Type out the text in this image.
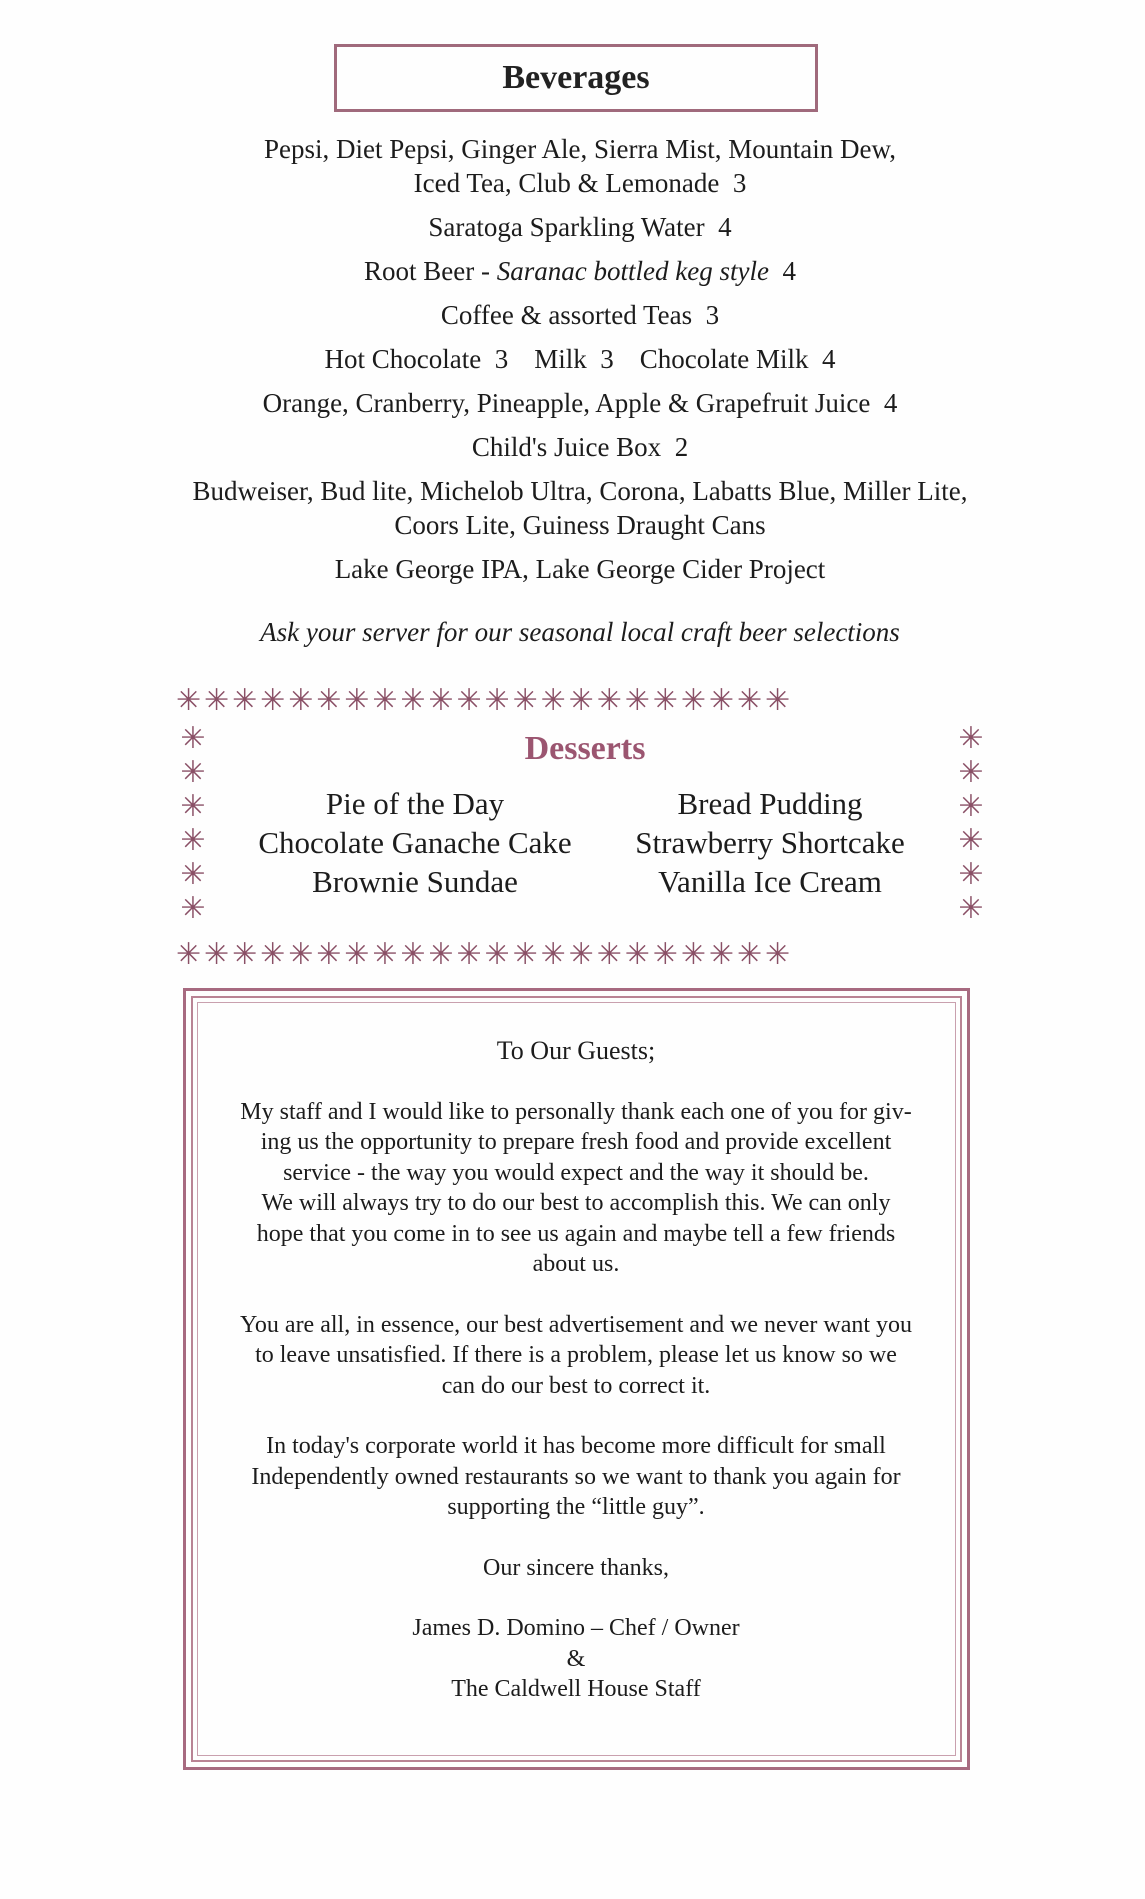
Beverages

Pepsi, Diet Pepsi, Ginger Ale, Sierra Mist, Mountain Dew,

Iced Tea, Club & Lemonade 3

Saratoga Sparkling Water 4

Root Beer - Saranac bottled keg style 4

Coffee & assorted Teas 3

Hot Chocolate 3 Milk 3 Chocolate Milk 4

Orange, Cranberry, Pineapple, Apple & Grapefruit Juice 4

Child's Juice Box 2

Budweiser, Bud lite, Michelob Ultra, Corona, Labatts Blue, Miller Lite,

Coors Lite, Guiness Draught Cans

Lake George IPA, Lake George Cider Project

Ask your server for our seasonal local craft beer selections
✳✳✳✳✳✳✳✳✳✳✳✳✳✳✳✳✳✳✳✳✳✳
✳✳✳✳✳✳✳✳✳✳✳✳✳✳✳✳✳✳✳✳✳✳
✳
✳
✳
✳
✳
✳
✳
✳
✳
✳
✳
✳
Desserts
Pie of the Day	Bread Pudding
Chocolate Ganache Cake	Strawberry Shortcake
Brownie Sundae	Vanilla Ice Cream

To Our Guests;

My staff and I would like to personally thank each one of you for giv-

ing us the opportunity to prepare fresh food and provide excellent

service - the way you would expect and the way it should be.

We will always try to do our best to accomplish this. We can only

hope that you come in to see us again and maybe tell a few friends

about us.

You are all, in essence, our best advertisement and we never want you

to leave unsatisfied. If there is a problem, please let us know so we

can do our best to correct it.

In today's corporate world it has become more difficult for small

Independently owned restaurants so we want to thank you again for

supporting the “little guy”.

Our sincere thanks,

James D. Domino – Chef / Owner

&

The Caldwell House Staff
